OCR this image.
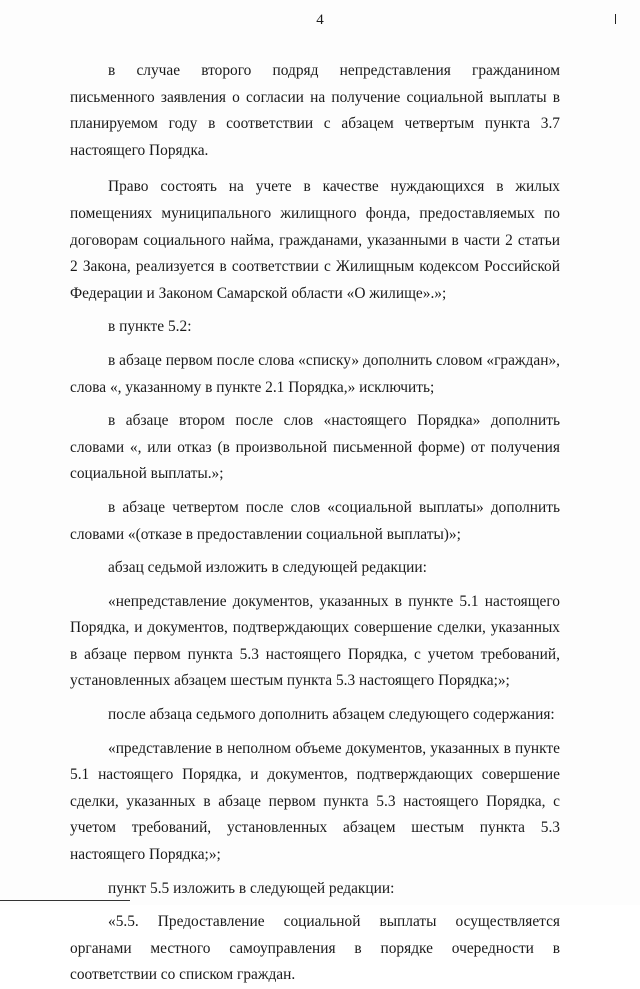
4

в случае второго подряд непредставления гражданином письменного заявления о согласии на получение социальной выплаты в планируемом году в соответствии с абзацем четвертым пункта 3.7 настоящего Порядка.

Право состоять на учете в качестве нуждающихся в жилых помещениях муниципального жилищного фонда, предоставляемых по договорам социального найма, гражданами, указанными в части 2 статьи 2 Закона, реализуется в соответствии с Жилищным кодексом Российской Федерации и Законом Самарской области «О жилище».»;

в пункте 5.2:

в абзаце первом после слова «списку» дополнить словом «граждан», слова «, указанному в пункте 2.1 Порядка,» исключить;

в абзаце втором после слов «настоящего Порядка» дополнить словами «, или отказ (в произвольной письменной форме) от получения социальной выплаты.»;

в абзаце четвертом после слов «социальной выплаты» дополнить словами «(отказе в предоставлении социальной выплаты)»;

абзац седьмой изложить в следующей редакции:

«непредставление документов, указанных в пункте 5.1 настоящего Порядка, и документов, подтверждающих совершение сделки, указанных в абзаце первом пункта 5.3 настоящего Порядка, с учетом требований, установленных абзацем шестым пункта 5.3 настоящего Порядка;»;

после абзаца седьмого дополнить абзацем следующего содержания:

«представление в неполном объеме документов, указанных в пункте 5.1 настоящего Порядка, и документов, подтверждающих совершение сделки, указанных в абзаце первом пункта 5.3 настоящего Порядка, с учетом требований, установленных абзацем шестым пункта 5.3 настоящего Порядка;»;

пункт 5.5 изложить в следующей редакции:

«5.5. Предоставление социальной выплаты осуществляется органами местного самоуправления в порядке очередности в соответствии со списком граждан.
